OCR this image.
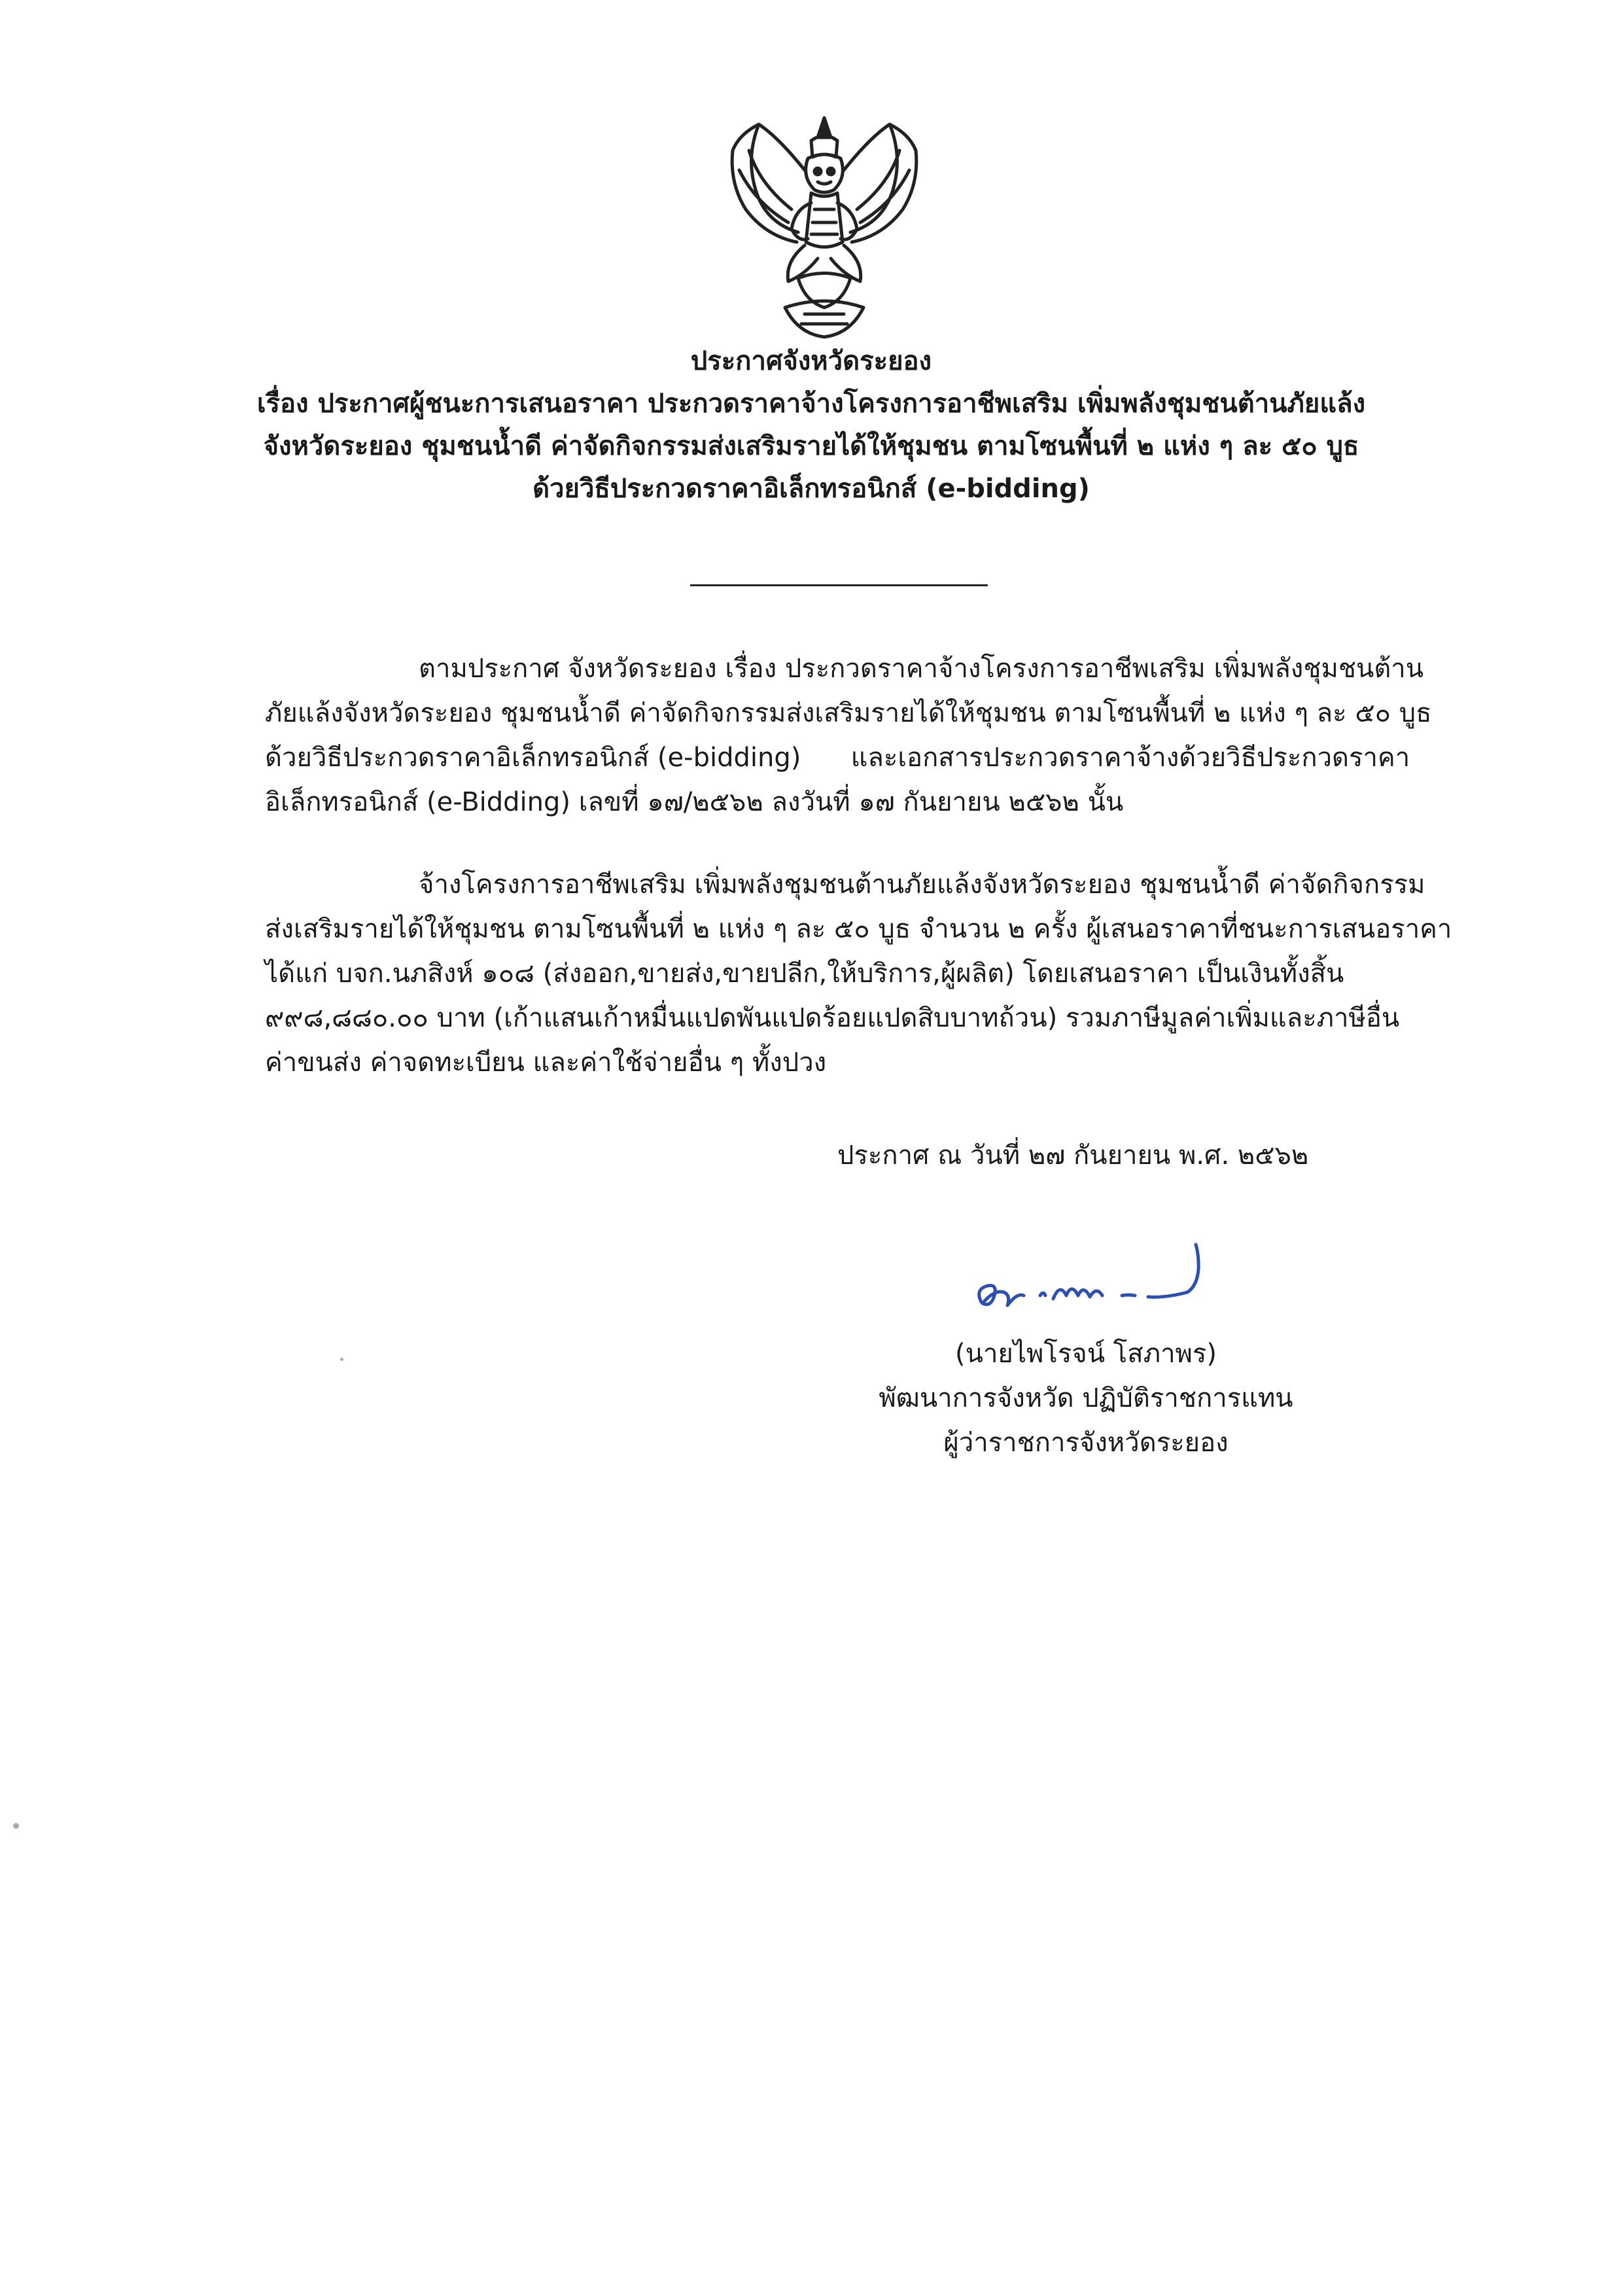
ประกาศจังหวัดระยอง
เรื่อง ประกาศผู้ชนะการเสนอราคา ประกวดราคาจ้างโครงการอาชีพเสริม เพิ่มพลังชุมชนต้านภัยแล้ง
จังหวัดระยอง ชุมชนน้ำดี ค่าจัดกิจกรรมส่งเสริมรายได้ให้ชุมชน ตามโซนพื้นที่ ๒ แห่ง ๆ ละ ๕๐ บูธ
ด้วยวิธีประกวดราคาอิเล็กทรอนิกส์ (e-bidding)
ตามประกาศ จังหวัดระยอง เรื่อง ประกวดราคาจ้างโครงการอาชีพเสริม เพิ่มพลังชุมชนต้าน
ภัยแล้งจังหวัดระยอง ชุมชนน้ำดี ค่าจัดกิจกรรมส่งเสริมรายได้ให้ชุมชน ตามโซนพื้นที่ ๒ แห่ง ๆ ละ ๕๐ บูธ
ด้วยวิธีประกวดราคาอิเล็กทรอนิกส์ (e-bidding)      และเอกสารประกวดราคาจ้างด้วยวิธีประกวดราคา
อิเล็กทรอนิกส์ (e-Bidding) เลขที่ ๑๗/๒๕๖๒ ลงวันที่ ๑๗ กันยายน ๒๕๖๒ นั้น
จ้างโครงการอาชีพเสริม เพิ่มพลังชุมชนต้านภัยแล้งจังหวัดระยอง ชุมชนน้ำดี ค่าจัดกิจกรรม
ส่งเสริมรายได้ให้ชุมชน ตามโซนพื้นที่ ๒ แห่ง ๆ ละ ๕๐ บูธ จำนวน ๒ ครั้ง ผู้เสนอราคาที่ชนะการเสนอราคา
ได้แก่ บจก.นภสิงห์ ๑๐๘ (ส่งออก,ขายส่ง,ขายปลีก,ให้บริการ,ผู้ผลิต) โดยเสนอราคา เป็นเงินทั้งสิ้น
๙๙๘,๘๘๐.๐๐ บาท (เก้าแสนเก้าหมื่นแปดพันแปดร้อยแปดสิบบาทถ้วน) รวมภาษีมูลค่าเพิ่มและภาษีอื่น
ค่าขนส่ง ค่าจดทะเบียน และค่าใช้จ่ายอื่น ๆ ทั้งปวง
ประกาศ ณ วันที่ ๒๗ กันยายน พ.ศ. ๒๕๖๒
(นายไพโรจน์ โสภาพร)
พัฒนาการจังหวัด ปฏิบัติราชการแทน
ผู้ว่าราชการจังหวัดระยอง
